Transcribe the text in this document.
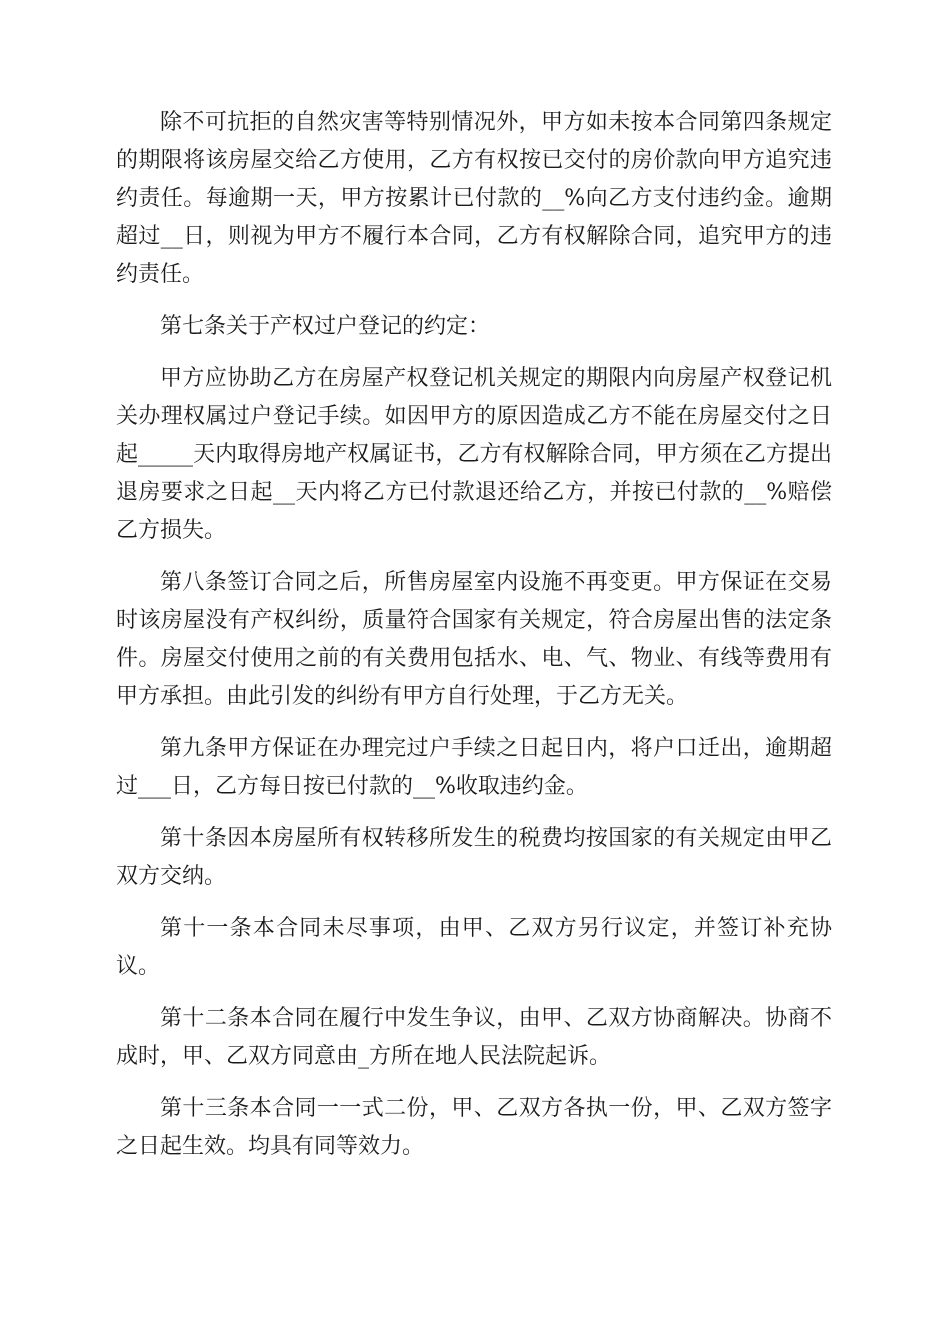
除不可抗拒的自然灾害等特别情况外，甲方如未按本合同第四条规定的期限将该房屋交给乙方使用，乙方有权按已交付的房价款向甲方追究违约责任。每逾期一天，甲方按累计已付款的__%向乙方支付违约金。逾期超过__日，则视为甲方不履行本合同，乙方有权解除合同，追究甲方的违约责任。

第七条关于产权过户登记的约定：

甲方应协助乙方在房屋产权登记机关规定的期限内向房屋产权登记机关办理权属过户登记手续。如因甲方的原因造成乙方不能在房屋交付之日起_____天内取得房地产权属证书，乙方有权解除合同，甲方须在乙方提出退房要求之日起__天内将乙方已付款退还给乙方，并按已付款的__%赔偿乙方损失。

第八条签订合同之后，所售房屋室内设施不再变更。甲方保证在交易时该房屋没有产权纠纷，质量符合国家有关规定，符合房屋出售的法定条件。房屋交付使用之前的有关费用包括水、电、气、物业、有线等费用有甲方承担。由此引发的纠纷有甲方自行处理，于乙方无关。

第九条甲方保证在办理完过户手续之日起日内，将户口迁出，逾期超过___日，乙方每日按已付款的__%收取违约金。

第十条因本房屋所有权转移所发生的税费均按国家的有关规定由甲乙双方交纳。

第十一条本合同未尽事项，由甲、乙双方另行议定，并签订补充协议。

第十二条本合同在履行中发生争议，由甲、乙双方协商解决。协商不成时，甲、乙双方同意由_方所在地人民法院起诉。

第十三条本合同一一式二份，甲、乙双方各执一份，甲、乙双方签字之日起生效。均具有同等效力。
